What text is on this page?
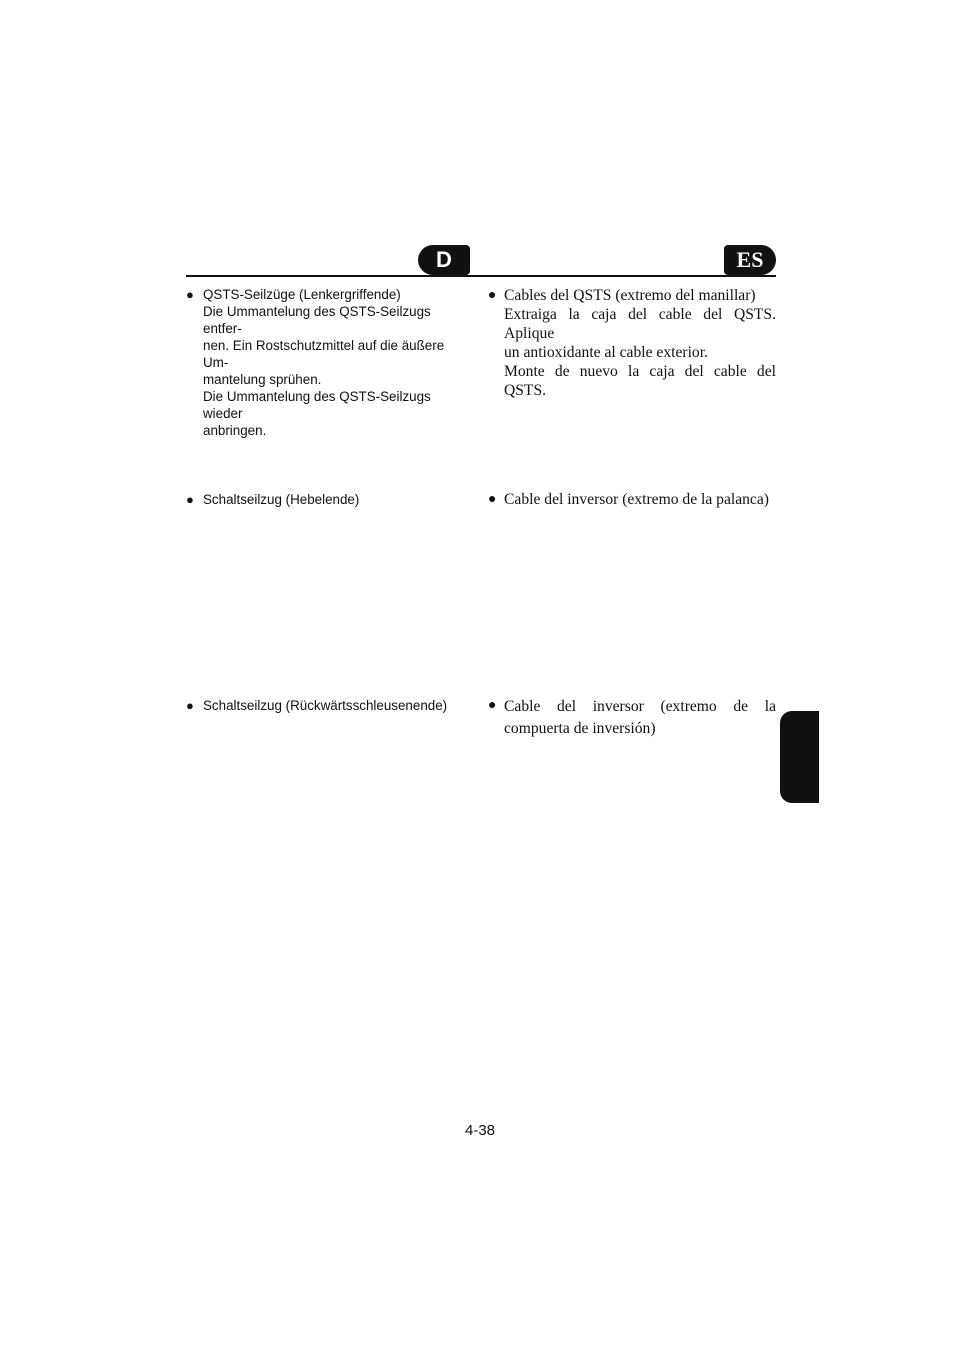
D	ES
● QSTS-Seilzüge (Lenkergriffende)

Die Ummantelung des QSTS-Seilzugs entfer-

nen. Ein Rostschutzmittel auf die äußere Um-

mantelung sprühen.

Die Ummantelung des QSTS-Seilzugs wieder

anbringen.

● Cables del QSTS (extremo del manillar)

Extraiga la caja del cable del QSTS. Aplique

un antioxidante al cable exterior.

Monte de nuevo la caja del cable del QSTS.

● Schaltseilzug (Hebelende)	● Cable del inversor (extremo de la palanca)

● Schaltseilzug (Rückwärtsschleusenende)	● Cable del inversor (extremo de la compuerta de inversión)

4-38
